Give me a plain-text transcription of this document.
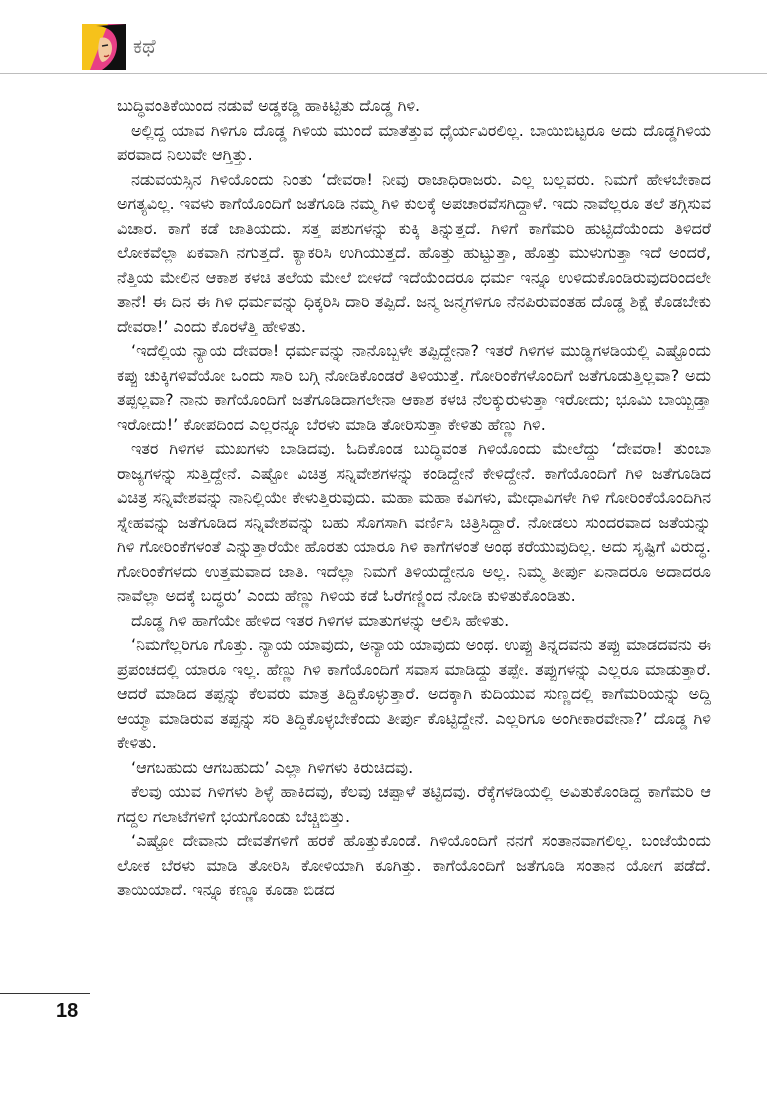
ಕಥೆ

ಬುದ್ಧಿವಂತಿಕೆಯಿಂದ ನಡುವೆ ಅಡ್ಡಕಡ್ಡಿ ಹಾಕಿಟ್ಟಿತು ದೊಡ್ಡ ಗಿಳಿ.

ಅಲ್ಲಿದ್ದ ಯಾವ ಗಿಳಿಗೂ ದೊಡ್ಡ ಗಿಳಿಯ ಮುಂದೆ ಮಾತೆತ್ತುವ ಧೈರ್ಯವಿರಲಿಲ್ಲ. ಬಾಯಿಬಿಟ್ಟರೂ ಅದು ದೊಡ್ಡಗಿಳಿಯ ಪರವಾದ ನಿಲುವೇ ಆಗ್ತಿತ್ತು.

ನಡುವಯಸ್ಸಿನ ಗಿಳಿಯೊಂದು ನಿಂತು ‘ದೇವರಾ! ನೀವು ರಾಜಾಧಿರಾಜರು. ಎಲ್ಲ ಬಲ್ಲವರು. ನಿಮಗೆ ಹೇಳಬೇಕಾದ ಅಗತ್ಯವಿಲ್ಲ. ಇವಳು ಕಾಗೆಯೊಂದಿಗೆ ಜತೆಗೂಡಿ ನಮ್ಮ ಗಿಳಿ ಕುಲಕ್ಕೆ ಅಪಚಾರವೆಸಗಿದ್ದಾಳೆ. ಇದು ನಾವೆಲ್ಲರೂ ತಲೆ ತಗ್ಗಿಸುವ ವಿಚಾರ. ಕಾಗೆ ಕಡೆ ಜಾತಿಯದು. ಸತ್ತ ಪಶುಗಳನ್ನು ಕುಕ್ಕಿ ತಿನ್ನುತ್ತದೆ. ಗಿಳಿಗೆ ಕಾಗೆಮರಿ ಹುಟ್ಟಿದೆಯೆಂದು ತಿಳಿದರೆ ಲೋಕವೆಲ್ಲಾ ಏಕವಾಗಿ ನಗುತ್ತದೆ. ಕ್ಯಾಕರಿಸಿ ಉಗಿಯುತ್ತದೆ. ಹೊತ್ತು ಹುಟ್ಟುತ್ತಾ, ಹೊತ್ತು ಮುಳುಗುತ್ತಾ ಇದೆ ಅಂದರೆ, ನೆತ್ತಿಯ ಮೇಲಿನ ಆಕಾಶ ಕಳಚಿ ತಲೆಯ ಮೇಲೆ ಬೀಳದೆ ಇದೆಯೆಂದರೂ ಧರ್ಮ ಇನ್ನೂ ಉಳಿದುಕೊಂಡಿರುವುದರಿಂದಲೇ ತಾನೆ! ಈ ದಿನ ಈ ಗಿಳಿ ಧರ್ಮವನ್ನು ಧಿಕ್ಕರಿಸಿ ದಾರಿ ತಪ್ಪಿದೆ. ಜನ್ಮ ಜನ್ಮಗಳಿಗೂ ನೆನಪಿರುವಂತಹ ದೊಡ್ಡ ಶಿಕ್ಷೆ ಕೊಡಬೇಕು ದೇವರಾ!’ ಎಂದು ಕೊರಳೆತ್ತಿ ಹೇಳಿತು.

‘ಇದೆಲ್ಲಿಯ ನ್ಯಾಯ ದೇವರಾ! ಧರ್ಮವನ್ನು ನಾನೊಬ್ಬಳೇ ತಪ್ಪಿದ್ದೇನಾ? ಇತರೆ ಗಿಳಿಗಳ ಮುಡ್ಡಿಗಳಡಿಯಲ್ಲಿ ಎಷ್ಟೊಂದು ಕಪ್ಪು ಚುಕ್ಕಿಗಳಿವೆಯೋ ಒಂದು ಸಾರಿ ಬಗ್ಗಿ ನೋಡಿಕೊಂಡರೆ ತಿಳಿಯುತ್ತೆ. ಗೋರಿಂಕೆಗಳೊಂದಿಗೆ ಜತೆಗೂಡುತ್ತಿಲ್ಲವಾ? ಅದು ತಪ್ಪಲ್ಲವಾ? ನಾನು ಕಾಗೆಯೊಂದಿಗೆ ಜತೆಗೂಡಿದಾಗಲೇನಾ ಆಕಾಶ ಕಳಚಿ ನೆಲಕ್ಕುರುಳುತ್ತಾ ಇರೋದು; ಭೂಮಿ ಬಾಯ್ಬಿಡ್ತಾ ಇರೋದು!’ ಕೋಪದಿಂದ ಎಲ್ಲರನ್ನೂ ಬೆರಳು ಮಾಡಿ ತೋರಿಸುತ್ತಾ ಕೇಳಿತು ಹೆಣ್ಣು ಗಿಳಿ.

ಇತರ ಗಿಳಿಗಳ ಮುಖಗಳು ಬಾಡಿದವು. ಓದಿಕೊಂಡ ಬುದ್ಧಿವಂತ ಗಿಳಿಯೊಂದು ಮೇಲೆದ್ದು ‘ದೇವರಾ! ತುಂಬಾ ರಾಜ್ಯಗಳನ್ನು ಸುತ್ತಿದ್ದೇನೆ. ಎಷ್ಟೋ ವಿಚಿತ್ರ ಸನ್ನಿವೇಶಗಳನ್ನು ಕಂಡಿದ್ದೇನೆ ಕೇಳಿದ್ದೇನೆ. ಕಾಗೆಯೊಂದಿಗೆ ಗಿಳಿ ಜತೆಗೂಡಿದ ವಿಚಿತ್ರ ಸನ್ನಿವೇಶವನ್ನು ನಾನಿಲ್ಲಿಯೇ ಕೇಳುತ್ತಿರುವುದು. ಮಹಾ ಮಹಾ ಕವಿಗಳು, ಮೇಧಾವಿಗಳೇ ಗಿಳಿ ಗೋರಿಂಕೆಯೊಂದಿಗಿನ ಸ್ನೇಹವನ್ನು ಜತೆಗೂಡಿದ ಸನ್ನಿವೇಶವನ್ನು ಬಹು ಸೊಗಸಾಗಿ ವರ್ಣಿಸಿ ಚಿತ್ರಿಸಿದ್ದಾರೆ. ನೋಡಲು ಸುಂದರವಾದ ಜತೆಯನ್ನು ಗಿಳಿ ಗೋರಿಂಕೆಗಳಂತೆ ಎನ್ನುತ್ತಾರೆಯೇ ಹೊರತು ಯಾರೂ ಗಿಳಿ ಕಾಗೆಗಳಂತೆ ಅಂಥ ಕರೆಯುವುದಿಲ್ಲ. ಅದು ಸೃಷ್ಟಿಗೆ ವಿರುದ್ಧ. ಗೋರಿಂಕೆಗಳದು ಉತ್ತಮವಾದ ಜಾತಿ. ಇದೆಲ್ಲಾ ನಿಮಗೆ ತಿಳಿಯದ್ದೇನೂ ಅಲ್ಲ. ನಿಮ್ಮ ತೀರ್ಪು ಏನಾದರೂ ಅದಾದರೂ ನಾವೆಲ್ಲಾ ಅದಕ್ಕೆ ಬದ್ಧರು’ ಎಂದು ಹೆಣ್ಣು ಗಿಳಿಯ ಕಡೆ ಓರೆಗಣ್ಣಿಂದ ನೋಡಿ ಕುಳಿತುಕೊಂಡಿತು.

ದೊಡ್ಡ ಗಿಳಿ ಹಾಗೆಯೇ ಹೇಳಿದ ಇತರ ಗಿಳಿಗಳ ಮಾತುಗಳನ್ನು ಆಲಿಸಿ ಹೇಳಿತು.

‘ನಿಮಗೆಲ್ಲರಿಗೂ ಗೊತ್ತು. ನ್ಯಾಯ ಯಾವುದು, ಅನ್ಯಾಯ ಯಾವುದು ಅಂಥ. ಉಪ್ಪು ತಿನ್ನದವನು ತಪ್ಪು ಮಾಡದವನು ಈ ಪ್ರಪಂಚದಲ್ಲಿ ಯಾರೂ ಇಲ್ಲ. ಹೆಣ್ಣು ಗಿಳಿ ಕಾಗೆಯೊಂದಿಗೆ ಸವಾಸ ಮಾಡಿದ್ದು ತಪ್ಪೇ. ತಪ್ಪುಗಳನ್ನು ಎಲ್ಲರೂ ಮಾಡುತ್ತಾರೆ. ಆದರೆ ಮಾಡಿದ ತಪ್ಪನ್ನು ಕೆಲವರು ಮಾತ್ರ ತಿದ್ದಿಕೊಳ್ಳುತ್ತಾರೆ. ಅದಕ್ಕಾಗಿ ಕುದಿಯುವ ಸುಣ್ಣದಲ್ಲಿ ಕಾಗೆಮರಿಯನ್ನು ಅದ್ದಿ ಆಯ್ಮಾ ಮಾಡಿರುವ ತಪ್ಪನ್ನು ಸರಿ ತಿದ್ದಿಕೊಳ್ಳಬೇಕೆಂದು ತೀರ್ಪು ಕೊಟ್ಟಿದ್ದೇನೆ. ಎಲ್ಲರಿಗೂ ಅಂಗೀಕಾರವೇನಾ?’ ದೊಡ್ಡ ಗಿಳಿ ಕೇಳಿತು.

‘ಆಗಬಹುದು ಆಗಬಹುದು’ ಎಲ್ಲಾ ಗಿಳಿಗಳು ಕಿರುಚಿದವು.

ಕೆಲವು ಯುವ ಗಿಳಿಗಳು ಶಿಳ್ಳೆ ಹಾಕಿದವು, ಕೆಲವು ಚಪ್ಪಾಳೆ ತಟ್ಟಿದವು. ರೆಕ್ಕೆಗಳಡಿಯಲ್ಲಿ ಅವಿತುಕೊಂಡಿದ್ದ ಕಾಗೆಮರಿ ಆ ಗದ್ದಲ ಗಲಾಟೆಗಳಿಗೆ ಭಯಗೊಂಡು ಬೆಚ್ಚಿಬಿತ್ತು.

‘ಎಷ್ಟೋ ದೇವಾನು ದೇವತೆಗಳಿಗೆ ಹರಕೆ ಹೊತ್ತುಕೊಂಡೆ. ಗಿಳಿಯೊಂದಿಗೆ ನನಗೆ ಸಂತಾನವಾಗಲಿಲ್ಲ. ಬಂಜೆಯೆಂದು ಲೋಕ ಬೆರಳು ಮಾಡಿ ತೋರಿಸಿ ಕೋಳಿಯಾಗಿ ಕೂಗಿತ್ತು. ಕಾಗೆಯೊಂದಿಗೆ ಜತೆಗೂಡಿ ಸಂತಾನ ಯೋಗ ಪಡೆದೆ. ತಾಯಿಯಾದೆ. ಇನ್ನೂ ಕಣ್ಣೂ ಕೂಡಾ ಬಿಡದ

18
